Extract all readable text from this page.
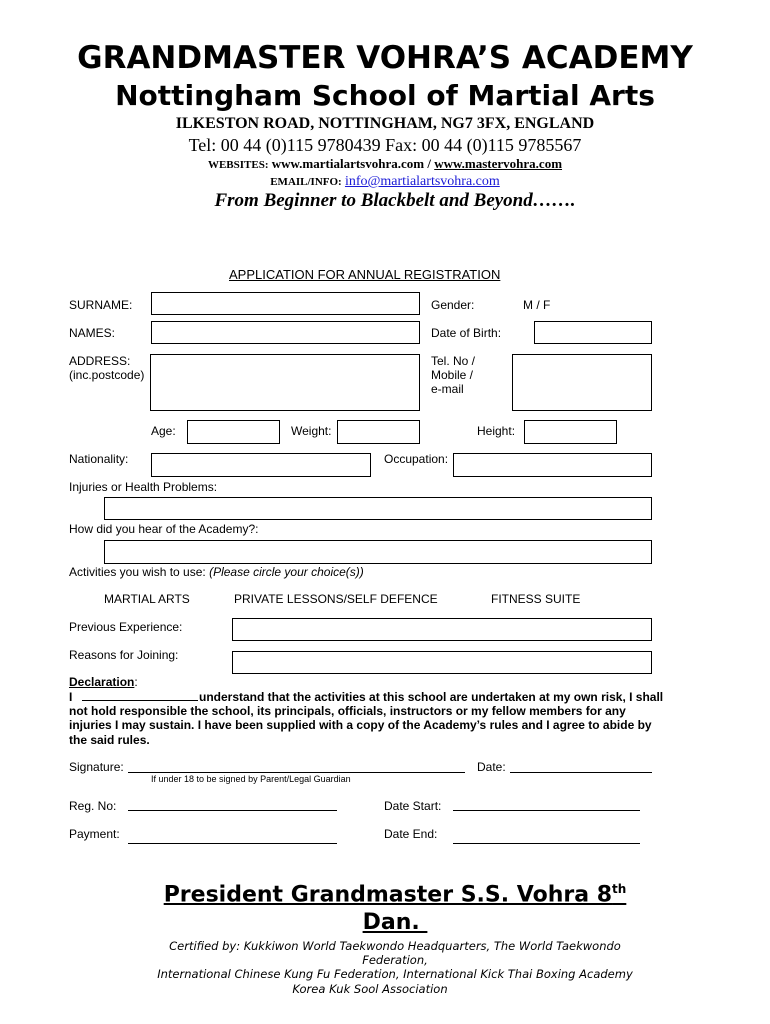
GRANDMASTER VOHRA’S ACADEMY
Nottingham School of Martial Arts
ILKESTON ROAD, NOTTINGHAM, NG7 3FX, ENGLAND
Tel: 00 44 (0)115 9780439 Fax: 00 44 (0)115 9785567
WEBSITES: www.martialartsvohra.com / www.mastervohra.com
EMAIL/INFO: info@martialartsvohra.com
From Beginner to Blackbelt and Beyond…….
APPLICATION FOR ANNUAL REGISTRATION
SURNAME:	Gender:	M / F
NAMES:	Date of Birth:
ADDRESS:
(inc.postcode)
Tel. No /
Mobile /
e-mail
Age:	Weight:	Height:
Nationality:	Occupation:
Injuries or Health Problems:
How did you hear of the Academy?:
Activities you wish to use: (Please circle your choice(s))
MARTIAL ARTS	PRIVATE LESSONS/SELF DEFENCE	FITNESS SUITE
Previous Experience:
Reasons for Joining:
Declaration:
I	understand that the activities at this school are undertaken at my own risk, I shall
not hold responsible the school, its principals, officials, instructors or my fellow members for any
injuries I may sustain. I have been supplied with a copy of the Academy’s rules and I agree to abide by
the said rules.
Signature:	Date:
If under 18 to be signed by Parent/Legal Guardian
Reg. No:	Date Start:
Payment:	Date End:
President Grandmaster S.S. Vohra 8th
Dan.
Certified by: Kukkiwon World Taekwondo Headquarters, The World Taekwondo
Federation,
International Chinese Kung Fu Federation, International Kick Thai Boxing Academy
Korea Kuk Sool Association
